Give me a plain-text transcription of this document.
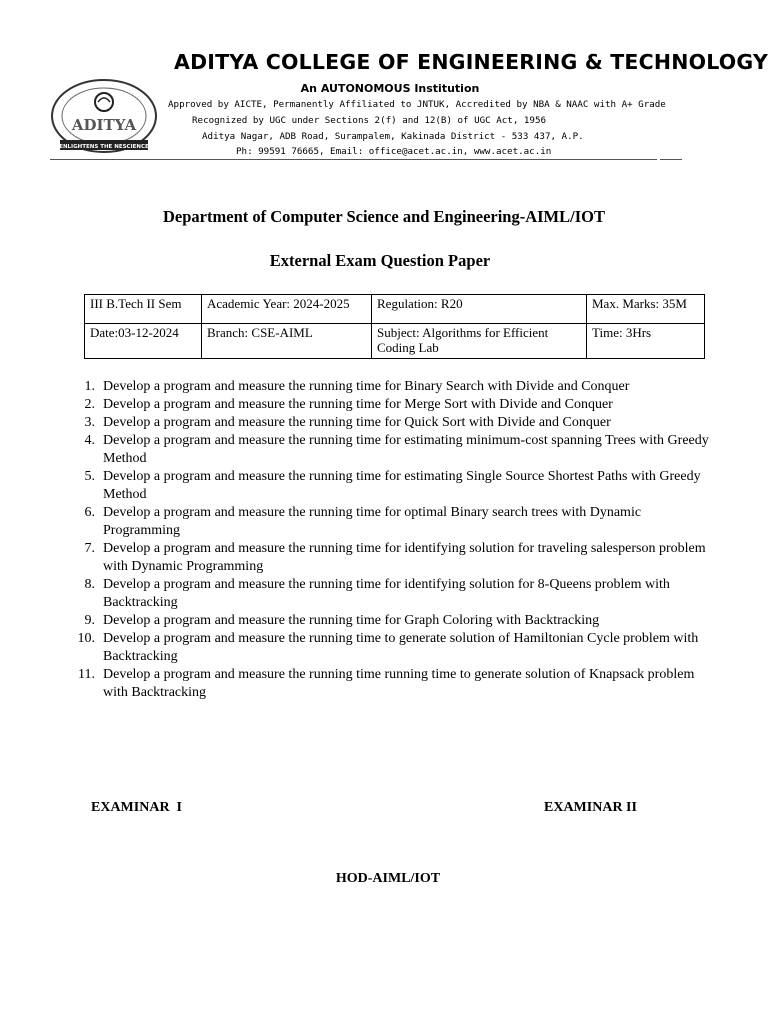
ADITYA
ENLIGHTENS THE NESCIENCE
ADITYA COLLEGE OF ENGINEERING & TECHNOLOGY
An AUTONOMOUS Institution
Approved by AICTE, Permanently Affiliated to JNTUK, Accredited by NBA & NAAC with A+ Grade
Recognized by UGC under Sections 2(f) and 12(B) of UGC Act, 1956
Aditya Nagar, ADB Road, Surampalem, Kakinada District - 533 437, A.P.
Ph: 99591 76665, Email: office@acet.ac.in, www.acet.ac.in
Department of Computer Science and Engineering-AIML/IOT
External Exam Question Paper
III B.Tech II Sem	Academic Year: 2024-2025	Regulation: R20	Max. Marks: 35M
Date:03-12-2024	Branch: CSE-AIML	Subject: Algorithms for Efficient Coding Lab	Time: 3Hrs
1. Develop a program and measure the running time for Binary Search with Divide and Conquer
2. Develop a program and measure the running time for Merge Sort with Divide and Conquer
3. Develop a program and measure the running time for Quick Sort with Divide and Conquer
4. Develop a program and measure the running time for estimating minimum-cost spanning Trees with Greedy Method
5. Develop a program and measure the running time for estimating Single Source Shortest Paths with Greedy Method
6. Develop a program and measure the running time for optimal Binary search trees with Dynamic Programming
7. Develop a program and measure the running time for identifying solution for traveling salesperson problem with Dynamic Programming
8. Develop a program and measure the running time for identifying solution for 8-Queens problem with Backtracking
9. Develop a program and measure the running time for Graph Coloring with Backtracking
10. Develop a program and measure the running time to generate solution of Hamiltonian Cycle problem with Backtracking
11. Develop a program and measure the running time running time to generate solution of Knapsack problem with Backtracking
EXAMINAR  I	EXAMINAR II
HOD-AIML/IOT
